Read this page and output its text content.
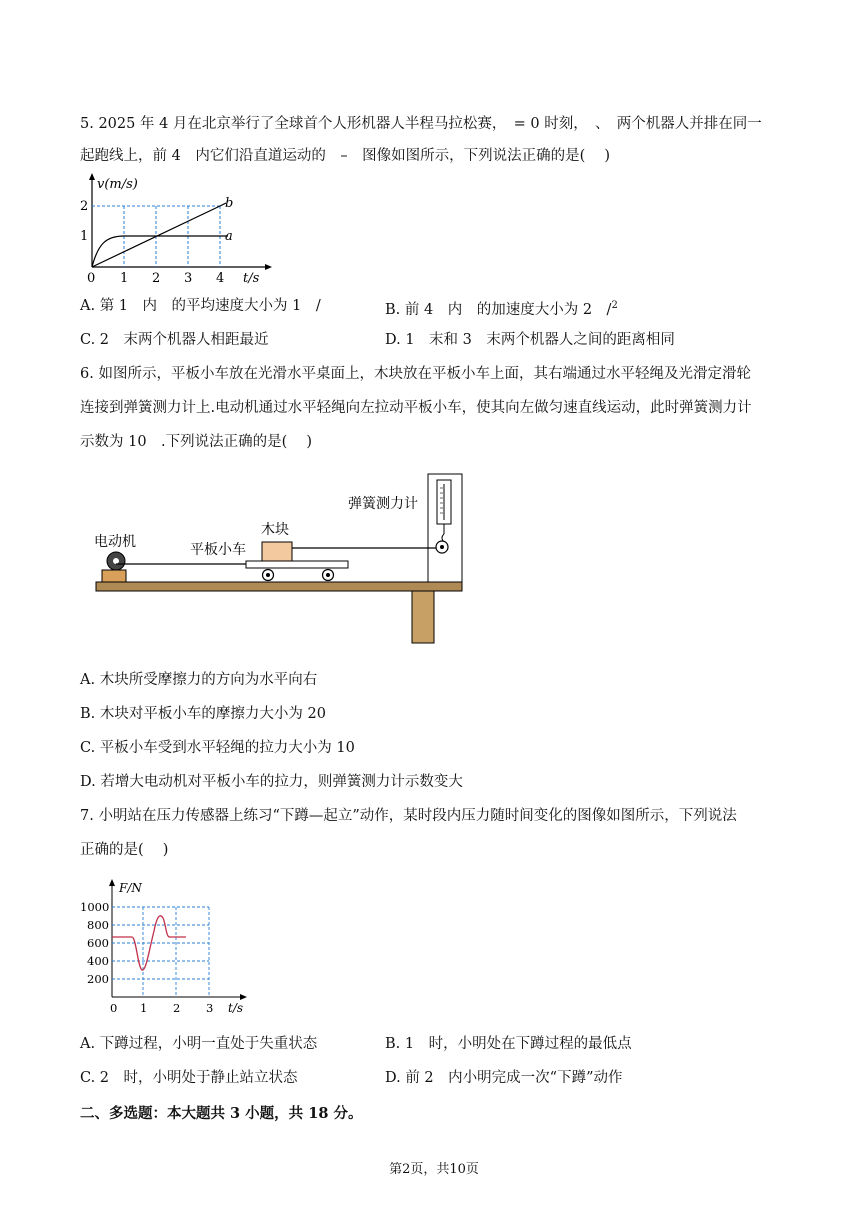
5. 2025 年 4 月在北京举行了全球首个人形机器人半程马拉松赛，　= 0 时刻，　、　两个机器人并排在同一
起跑线上，前 4　内它们沿直道运动的　–　图像如图所示，下列说法正确的是(　 )
v(m/s)
2
1
0 1 2 3 4 t/s
b
a
A. 第 1　内　的平均速度大小为 1　/	B. 前 4　内　的加速度大小为 2　/$^2$
C. 2　末两个机器人相距最近	D. 1　末和 3　末两个机器人之间的距离相同
6. 如图所示，平板小车放在光滑水平桌面上，木块放在平板小车上面，其右端通过水平轻绳及光滑定滑轮
连接到弹簧测力计上.电动机通过水平轻绳向左拉动平板小车，使其向左做匀速直线运动，此时弹簧测力计
示数为 10　.下列说法正确的是(　 )
电动机	平板小车
木块
弹簧测力计
A. 木块所受摩擦力的方向为水平向右
B. 木块对平板小车的摩擦力大小为 20
C. 平板小车受到水平轻绳的拉力大小为 10
D. 若增大电动机对平板小车的拉力，则弹簧测力计示数变大
7. 小明站在压力传感器上练习“下蹲—起立”动作，某时段内压力随时间变化的图像如图所示，下列说法
正确的是(　 )
1000
800
600
400
200
0 1 2 3 t/s
F/N
A. 下蹲过程，小明一直处于失重状态	B. 1　时，小明处在下蹲过程的最低点
C. 2　时，小明处于静止站立状态	D. 前 2　内小明完成一次“下蹲”动作
二、多选题：本大题共 3 小题，共 18 分。
第2页，共10页
